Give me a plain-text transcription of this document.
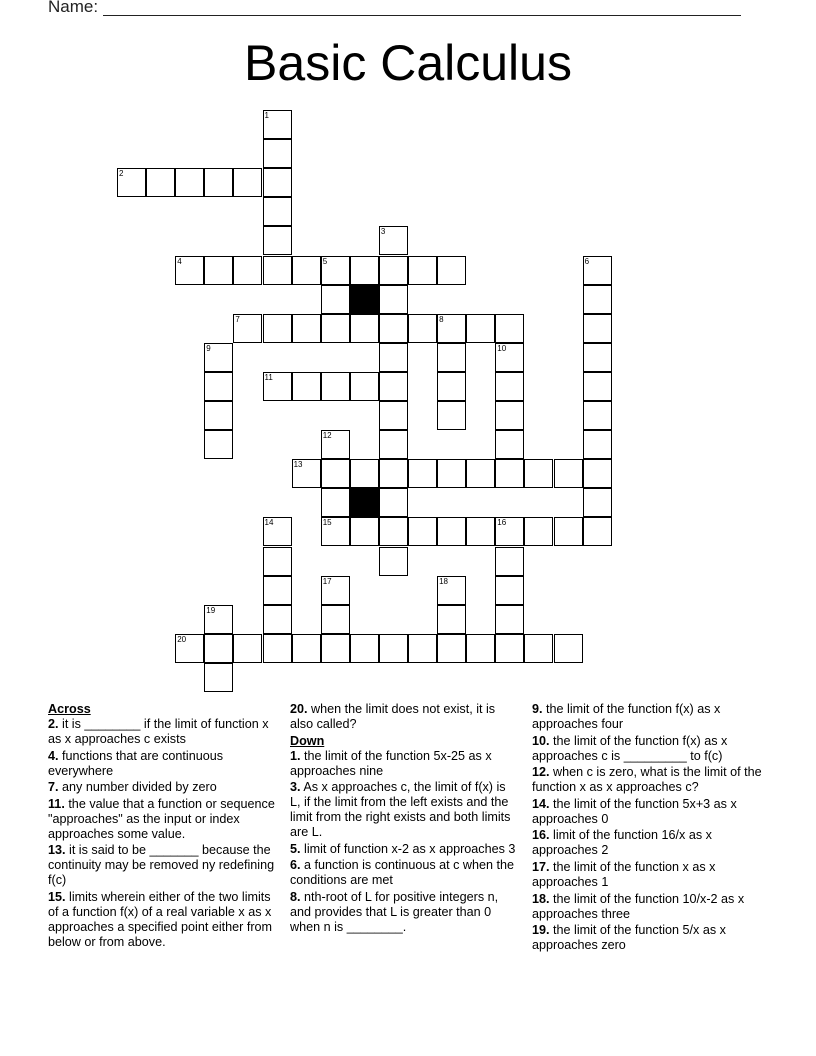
Name:
Basic Calculus
1
2
3
4	5	6
7	8
9	10
11
12
13
14	15	16
17	18
19
20

Across

2. it is ________ if the limit of function x as x approaches c exists

4. functions that are continuous everywhere

7. any number divided by zero

11. the value that a function or sequence "approaches" as the input or index approaches some value.

13. it is said to be _______ because the continuity may be removed ny redefining f(c)

15. limits wherein either of the two limits of a function f(x) of a real variable x as x approaches a specified point either from below or from above.

20. when the limit does not exist, it is also called?

Down

1. the limit of the function 5x-25 as x approaches nine

3. As x approaches c, the limit of f(x) is L, if the limit from the left exists and the limit from the right exists and both limits are L.

5. limit of function x-2 as x approaches 3

6. a function is continuous at c when the conditions are met

8. nth-root of L for positive integers n, and provides that L is greater than 0 when n is ________.

9. the limit of the function f(x) as x approaches four

10. the limit of the function f(x) as x approaches c is _________ to f(c)

12. when c is zero, what is the limit of the function x as x approaches c?

14. the limit of the function 5x+3 as x approaches 0

16. limit of the function 16/x as x approaches 2

17. the limit of the function x as x approaches 1

18. the limit of the function 10/x-2 as x approaches three

19. the limit of the function 5/x as x approaches zero
